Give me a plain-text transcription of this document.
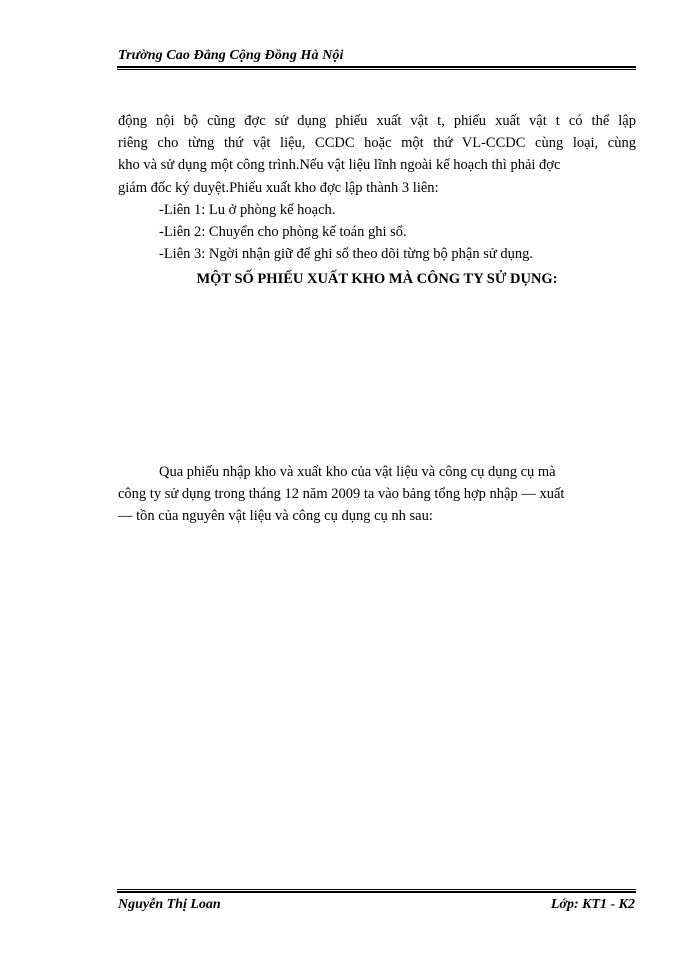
Trường Cao Đẳng Cộng Đồng Hà Nội
động nội bộ cũng đợc sử dụng phiếu xuất vật t, phiếu xuất vật t có thể lập
riêng cho từng thứ vật liệu, CCDC hoặc một thứ VL-CCDC cùng loại, cùng
kho và sử dụng một công trình.Nếu vật liệu lĩnh ngoài kế hoạch thì phải đợc
giám đốc ký duyệt.Phiếu xuất kho đợc lập thành 3 liên:
-Liên 1: Lu ở phòng kế hoạch.
-Liên 2: Chuyển cho phòng kế toán ghi sổ.
-Liên 3: Ngời nhận giữ để ghi sổ theo dõi từng bộ phận sử dụng.
MỘT SỐ PHIẾU XUẤT KHO MÀ CÔNG TY SỬ DỤNG:
Qua phiếu nhập kho và xuất kho của vật liệu và công cụ dụng cụ mà
công ty sử dụng trong tháng 12 năm 2009 ta vào bảng tổng hợp nhập — xuất
— tồn của nguyên vật liệu và công cụ dụng cụ nh sau:
Nguyễn Thị Loan	Lớp: KT1 - K2
